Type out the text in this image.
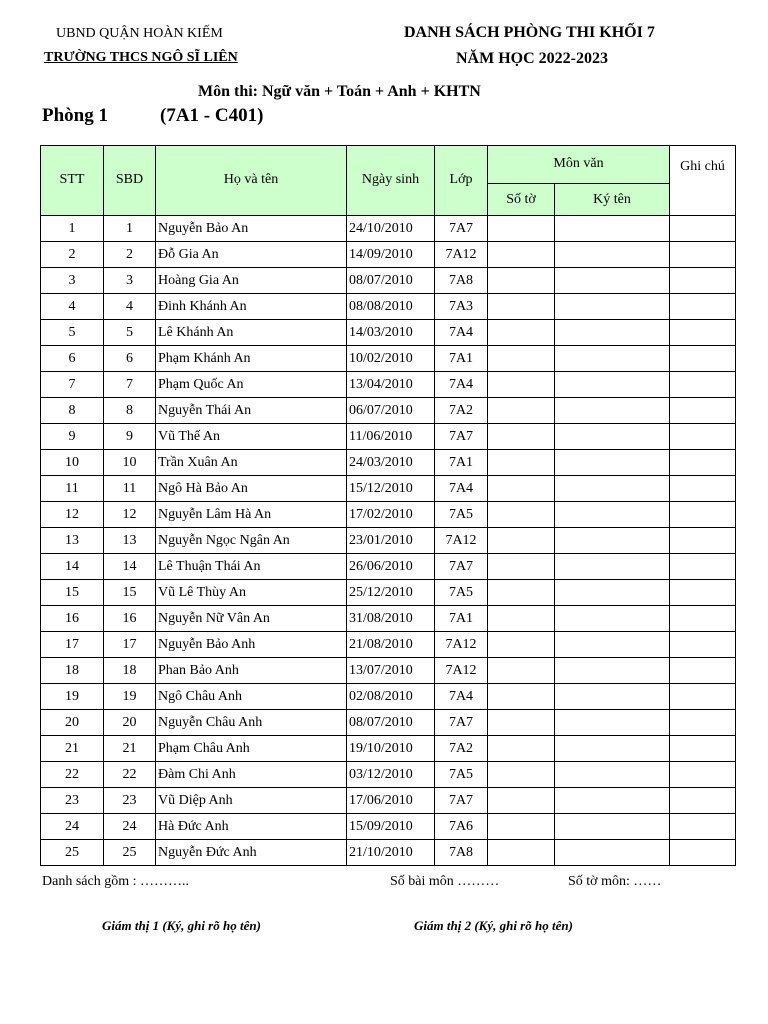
UBND QUẬN HOÀN KIẾM
TRƯỜNG THCS NGÔ SĨ LIÊN
DANH SÁCH PHÒNG THI KHỐI 7
NĂM HỌC 2022-2023
Môn thi: Ngữ văn + Toán + Anh + KHTN
Phòng 1	(7A1 - C401)
STT	SBD	Họ và tên	Ngày sinh	Lớp	Môn văn		Ghi chú
					Số tờ	Ký tên	
1	1	Nguyễn Bảo An	24/10/2010	7A7			
2	2	Đỗ Gia An	14/09/2010	7A12			
3	3	Hoàng Gia An	08/07/2010	7A8			
4	4	Đinh Khánh An	08/08/2010	7A3			
5	5	Lê Khánh An	14/03/2010	7A4			
6	6	Phạm Khánh An	10/02/2010	7A1			
7	7	Phạm Quốc An	13/04/2010	7A4			
8	8	Nguyễn Thái An	06/07/2010	7A2			
9	9	Vũ Thế An	11/06/2010	7A7			
10	10	Trần Xuân An	24/03/2010	7A1			
11	11	Ngô Hà Bảo An	15/12/2010	7A4			
12	12	Nguyễn Lâm Hà An	17/02/2010	7A5			
13	13	Nguyễn Ngọc Ngân An	23/01/2010	7A12			
14	14	Lê Thuận Thái An	26/06/2010	7A7			
15	15	Vũ Lê Thùy An	25/12/2010	7A5			
16	16	Nguyễn Nữ Vân An	31/08/2010	7A1			
17	17	Nguyễn Bảo Anh	21/08/2010	7A12			
18	18	Phan Bảo Anh	13/07/2010	7A12			
19	19	Ngô Châu Anh	02/08/2010	7A4			
20	20	Nguyễn Châu Anh	08/07/2010	7A7			
21	21	Phạm Châu Anh	19/10/2010	7A2			
22	22	Đàm Chi Anh	03/12/2010	7A5			
23	23	Vũ Diệp Anh	17/06/2010	7A7			
24	24	Hà Đức Anh	15/09/2010	7A6			
25	25	Nguyễn Đức Anh	21/10/2010	7A8			
Danh sách gồm : ………..	Số bài môn ………	Số tờ môn: ……
Giám thị 1 (Ký, ghi rõ họ tên)	Giám thị 2 (Ký, ghi rõ họ tên)
